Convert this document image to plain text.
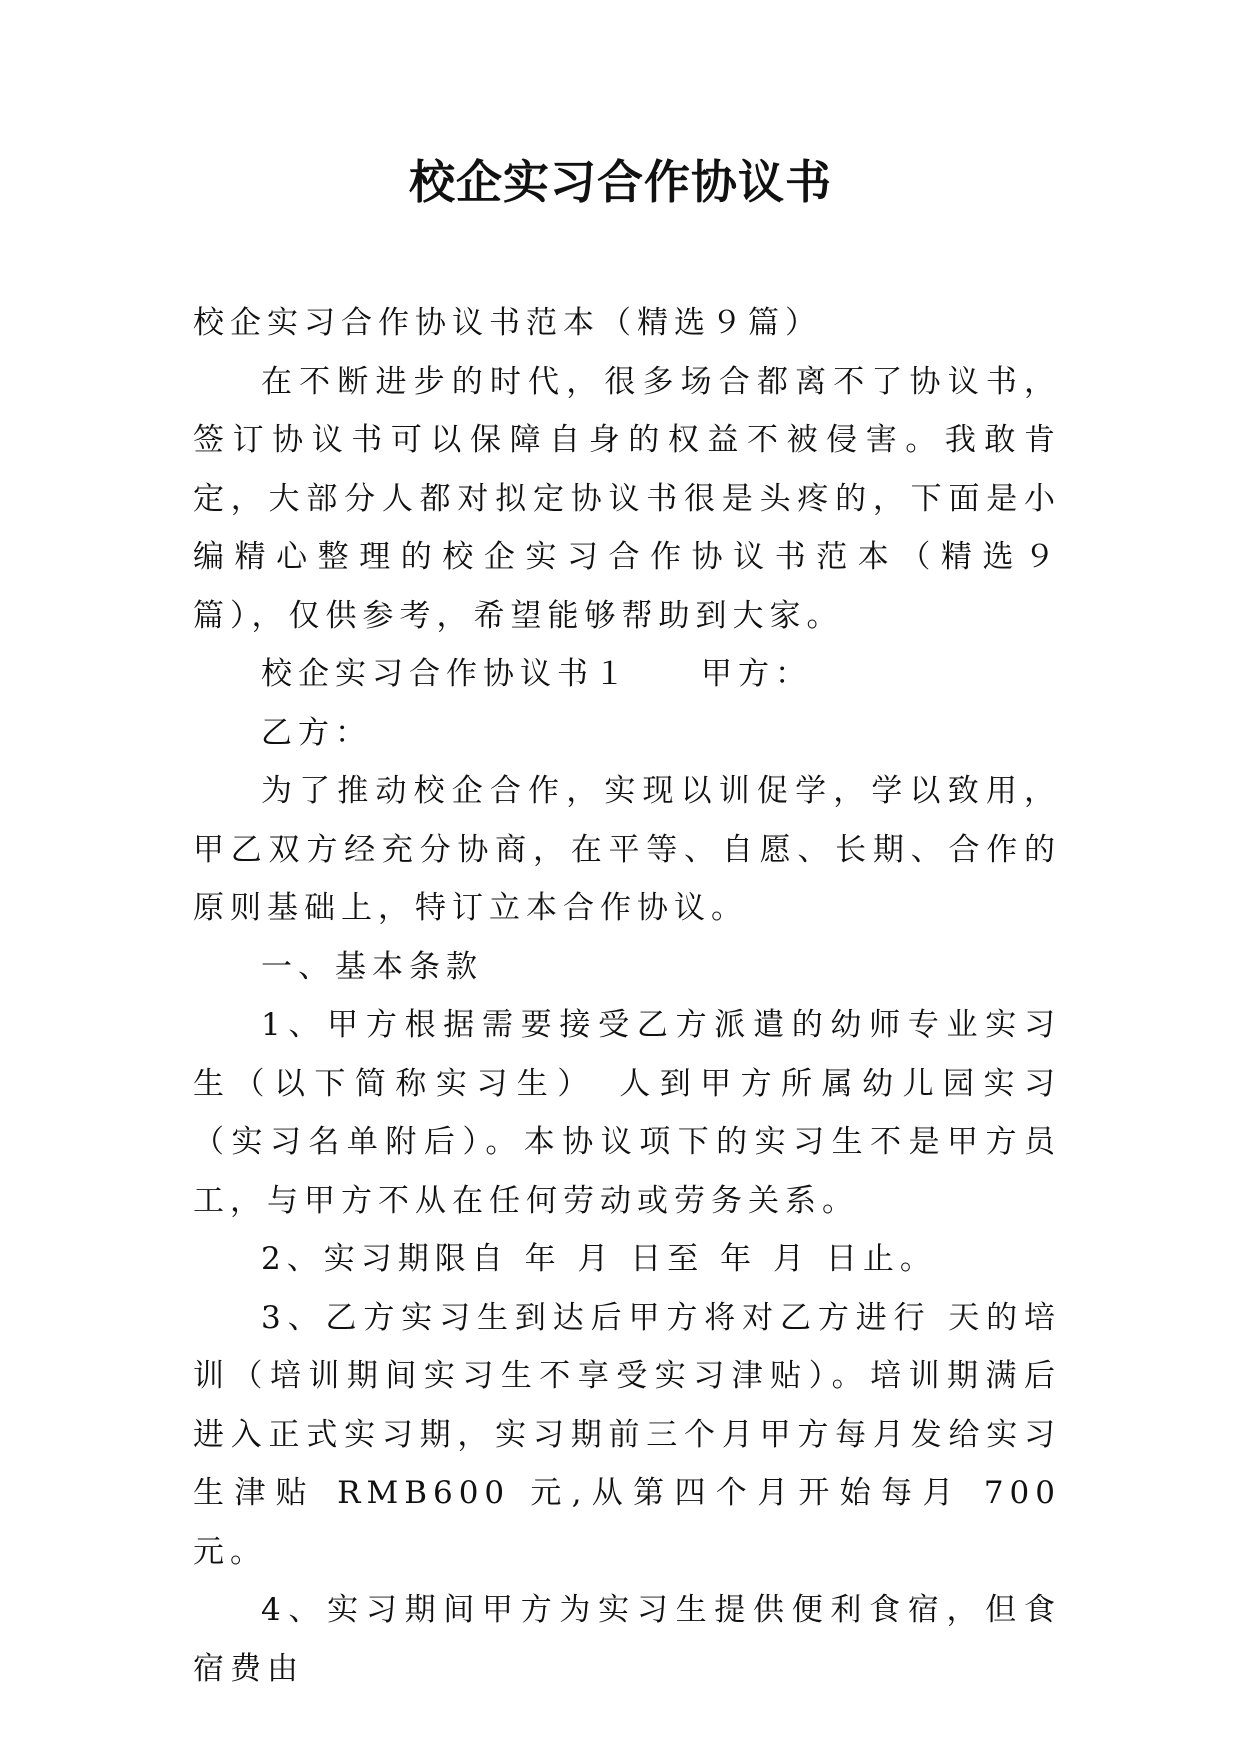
校企实习合作协议书

校企实习合作协议书范本（精选９篇）

在不断进步的时代，很多场合都离不了协议书，签订协议书可以保障自身的权益不被侵害。我敢肯定，大部分人都对拟定协议书很是头疼的，下面是小编精心整理的校企实习合作协议书范本（精选９篇），仅供参考，希望能够帮助到大家。

校企实习合作协议书１ 甲方：

乙方：

为了推动校企合作，实现以训促学，学以致用，甲乙双方经充分协商，在平等、自愿、长期、合作的原则基础上，特订立本合作协议。

一、基本条款

1、甲方根据需要接受乙方派遣的幼师专业实习生（以下简称实习生） 人到甲方所属幼儿园实习（实习名单附后）。本协议项下的实习生不是甲方员工，与甲方不从在任何劳动或劳务关系。

2、实习期限自 年 月 日至 年 月 日止。

3、乙方实习生到达后甲方将对乙方进行 天的培训（培训期间实习生不享受实习津贴）。培训期满后进入正式实习期，实习期前三个月甲方每月发给实习生津贴 RMB600 元,从第四个月开始每月 700 元。

4、实习期间甲方为实习生提供便利食宿，但食宿费由
